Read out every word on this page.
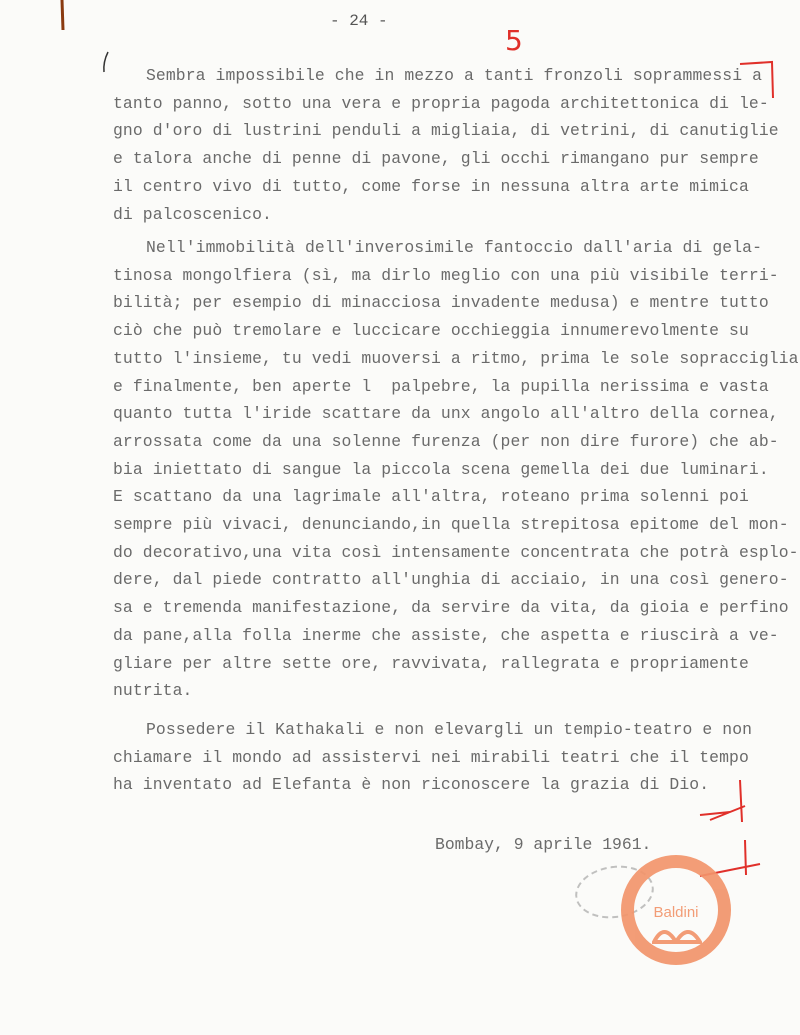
- 24 -
5
Sembra impossibile che in mezzo a tanti fronzoli soprammessi a
tanto panno, sotto una vera e propria pagoda architettonica di le-
gno d'oro di lustrini penduli a migliaia, di vetrini, di canutiglie
e talora anche di penne di pavone, gli occhi rimangano pur sempre
il centro vivo di tutto, come forse in nessuna altra arte mimica
di palcoscenico.
Nell'immobilità dell'inverosimile fantoccio dall'aria di gela-
tinosa mongolfiera (sì, ma dirlo meglio con una più visibile terri-
bilità; per esempio di minacciosa invadente medusa) e mentre tutto
ciò che può tremolare e luccicare occhieggia innumerevolmente su
tutto l'insieme, tu vedi muoversi a ritmo, prima le sole sopracciglia
e finalmente, ben aperte l  palpebre, la pupilla nerissima e vasta
quanto tutta l'iride scattare da unx angolo all'altro della cornea,
arrossata come da una solenne furenza (per non dire furore) che ab-
bia iniettato di sangue la piccola scena gemella dei due luminari.
E scattano da una lagrimale all'altra, roteano prima solenni poi
sempre più vivaci, denunciando,in quella strepitosa epitome del mon-
do decorativo,una vita così intensamente concentrata che potrà esplo-
dere, dal piede contratto all'unghia di acciaio, in una così genero-
sa e tremenda manifestazione, da servire da vita, da gioia e perfino
da pane,alla folla inerme che assiste, che aspetta e riuscirà a ve-
gliare per altre sette ore, ravvivata, rallegrata e propriamente
nutrita.
Possedere il Kathakali e non elevargli un tempio-teatro e non
chiamare il mondo ad assistervi nei mirabili teatri che il tempo
ha inventato ad Elefanta è non riconoscere la grazia di Dio.
Bombay, 9 aprile 1961.
Baldini
